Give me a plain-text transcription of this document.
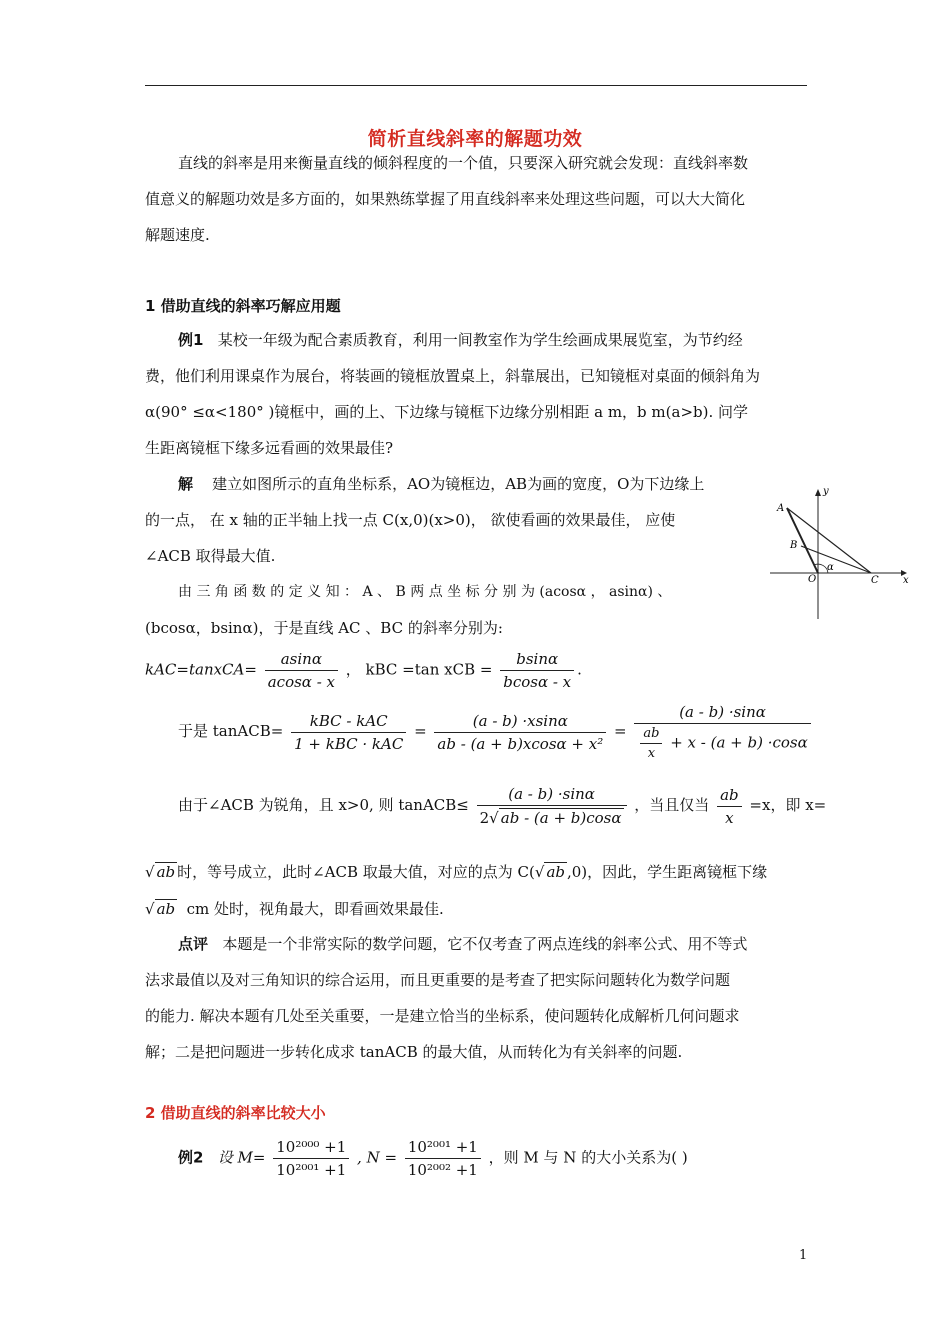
简析直线斜率的解题功效
直线的斜率是用来衡量直线的倾斜程度的一个值，只要深入研究就会发现：直线斜率数
值意义的解题功效是多方面的，如果熟练掌握了用直线斜率来处理这些问题，可以大大简化
解题速度.
1 借助直线的斜率巧解应用题
例1 某校一年级为配合素质教育，利用一间教室作为学生绘画成果展览室，为节约经
费，他们利用课桌作为展台，将装画的镜框放置桌上，斜靠展出，已知镜框对桌面的倾斜角为
α(90° ≤α<180° )镜框中，画的上、下边缘与镜框下边缘分别相距 a m，b m(a>b). 问学
生距离镜框下缘多远看画的效果最佳?
解 建立如图所示的直角坐标系，AO为镜框边，AB为画的宽度，O为下边缘上
的一点， 在 x 轴的正半轴上找一点 C(x,0)(x>0)， 欲使看画的效果最佳， 应使
∠ACB 取得最大值.
由 三 角 函 数 的 定 义 知 ： A 、 B 两 点 坐 标 分 别 为 (acosα ， asinα) 、
(bcosα，bsinα)，于是直线 AC 、BC 的斜率分别为:
y
x
A
B
O	C
α
kAC=tanxCA= $\frac{asin\alpha}{acos\alpha - x}$ ， kBC =tan xCB = $\frac{bsin\alpha}{bcos\alpha - x}$ .
于是 tanACB= $\frac{\text{kBC - kAC}}{\text{1 + kBC · kAC}} = \frac{(a - b) \cdot xsin\alpha}{\text{ab - (a + b)xcosα + x²}} = \frac{(a - b) \cdot\sin\alpha}{\frac{ab}{x} + x - (a + b) \cdot\cos\alpha}$
由于∠ACB 为锐角，且 x>0, 则 tanACB≤ $\frac{(a - b) \cdot\sin\alpha}{2√ ab - (a + b)\cos\alpha}$ ，当且仅当 $\frac{ab}{x} =x$，即 x=
√ ab 时，等号成立，此时∠ACB 取最大值，对应的点为 C(√ ab ,0)，因此，学生距离镜框下缘
√ ab cm 处时，视角最大，即看画效果最佳.
点评 本题是一个非常实际的数学问题，它不仅考查了两点连线的斜率公式、用不等式
法求最值以及对三角知识的综合运用，而且更重要的是考查了把实际问题转化为数学问题
的能力. 解决本题有几处至关重要，一是建立恰当的坐标系，使问题转化成解析几何问题求
解；二是把问题进一步转化成求 tanACB 的最大值，从而转化为有关斜率的问题.
2 借助直线的斜率比较大小
例2 设 $M= \frac{\text{10²⁰⁰⁰ +1}}{\text{10²⁰⁰¹ +1}}$ , $N = \frac{\text{10²⁰⁰¹ +1}}{\text{10²⁰⁰² +1}}$ ，则 M 与 N 的大小关系为( )
1
